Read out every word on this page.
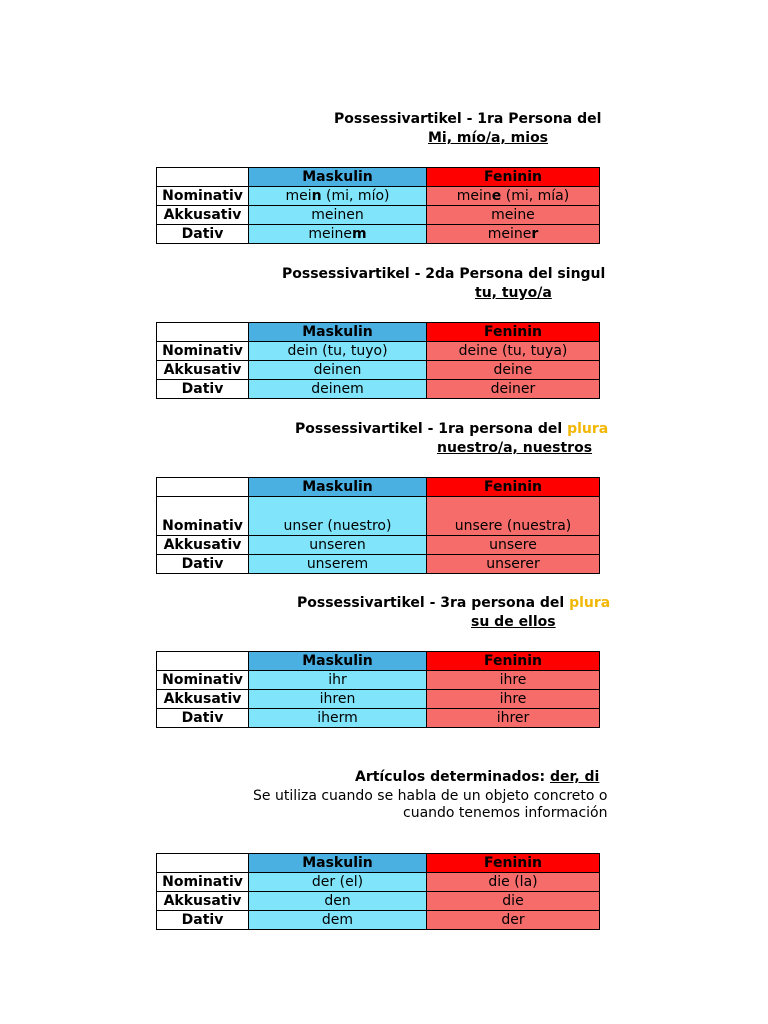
Possessivartikel - 1ra Persona del
Mi, mío/a, mios
	Maskulin	Feninin
Nominativ	mein (mi, mío)	meine (mi, mía)
Akkusativ	meinen	meine
Dativ	meinem	meiner
Possessivartikel - 2da Persona del singul
tu, tuyo/a
	Maskulin	Feninin
Nominativ	dein (tu, tuyo)	deine (tu, tuya)
Akkusativ	deinen	deine
Dativ	deinem	deiner
Possessivartikel - 1ra persona del plura
nuestro/a, nuestros
	Maskulin	Feninin
Nominativ	unser (nuestro)	unsere (nuestra)
Akkusativ	unseren	unsere
Dativ	unserem	unserer
Possessivartikel - 3ra persona del plura
su de ellos
	Maskulin	Feninin
Nominativ	ihr	ihre
Akkusativ	ihren	ihre
Dativ	iherm	ihrer
Artículos determinados: der, di
Se utiliza cuando se habla de un objeto concreto o
cuando tenemos información
	Maskulin	Feninin
Nominativ	der (el)	die (la)
Akkusativ	den	die
Dativ	dem	der
